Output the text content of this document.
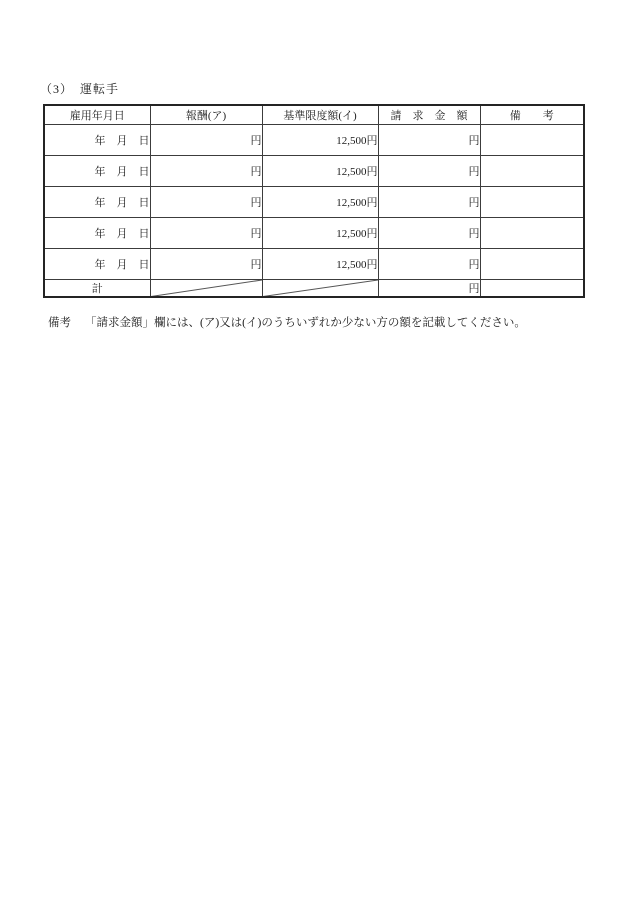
（3）　運転手
雇用年月日	報酬(ア)	基準限度額(イ)	請　求　金　額	備　　考
年　月　日	円	12,500円	円	
年　月　日	円	12,500円	円	
年　月　日	円	12,500円	円	
年　月　日	円	12,500円	円	
年　月　日	円	12,500円	円	
計			円	
備考 「請求金額」欄には、(ア)又は(イ)のうちいずれか少ない方の額を記載してください。
